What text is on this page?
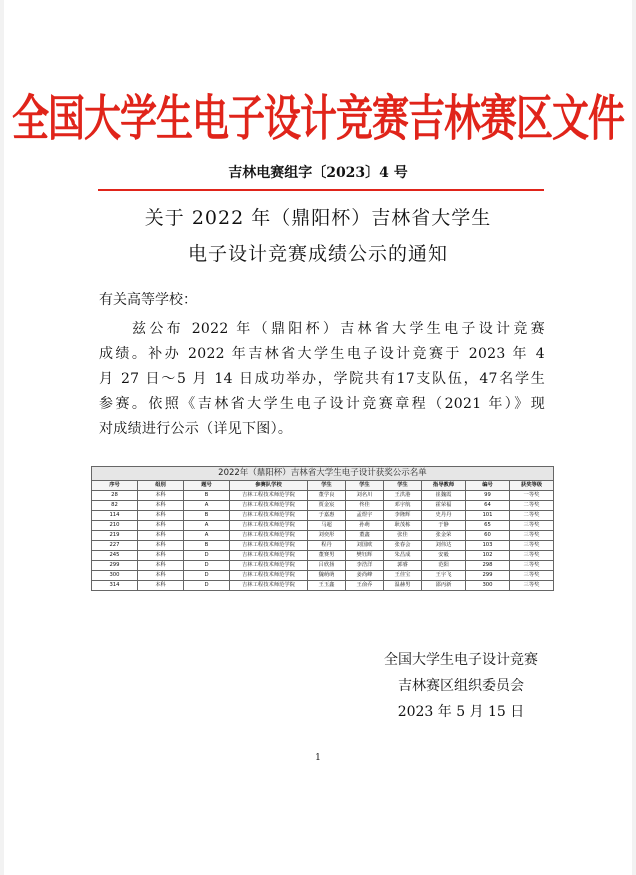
全国大学生电子设计竞赛吉林赛区文件
吉林电赛组字〔2023〕4 号
关于 2022 年（鼎阳杯）吉林省大学生
电子设计竞赛成绩公示的通知
有关高等学校：
兹公布 2022 年（鼎阳杯）吉林省大学生电子设计竞赛
成绩。补办 2022 年吉林省大学生电子设计竞赛于 2023 年 4
月 27 日～5 月 14 日成功举办，学院共有17支队伍，47名学生
参赛。依照《吉林省大学生电子设计竞赛章程（2021 年）》现
对成绩进行公示（详见下图）。
2022年（鼎阳杯）吉林省大学生电子设计获奖公示名单
序号	组别	题号	参赛队学校	学生	学生	学生	指导教师	编号	获奖等级
28	本科	B	吉林工程技术师范学院	董学良	刘名川	王洪港	崔魏霞	99	一等奖
82	本科	A	吉林工程技术师范学院	贾金宸	佟佳	邓宇航	霍荣福	64	二等奖
114	本科	B	吉林工程技术师范学院	于嘉惠	孟煜宇	李隆辉	史丹丹	101	二等奖
210	本科	A	吉林工程技术师范学院	马超	孙萌	耿茂栋	于静	65	三等奖
219	本科	A	吉林工程技术师范学院	刘奕彤	董鑫	张佳	张金荣	60	三等奖
227	本科	B	吉林工程技术师范学院	程丹	刘国欧	张春会	刘伟达	103	三等奖
245	本科	D	吉林工程技术师范学院	董赛男	樊钰辉	朱昌成	安毅	102	三等奖
299	本科	D	吉林工程技术师范学院	吕欣扬	李浩洋	郭睿	范阳	298	三等奖
300	本科	D	吉林工程技术师范学院	魏萌萌	姜尚峰	王佳宝	王宇飞	299	三等奖
314	本科	D	吉林工程技术师范学院	王玉鑫	王俞乔	温赫男	邵丙新	300	三等奖
全国大学生电子设计竞赛
吉林赛区组织委员会
2023 年 5 月 15 日
1
